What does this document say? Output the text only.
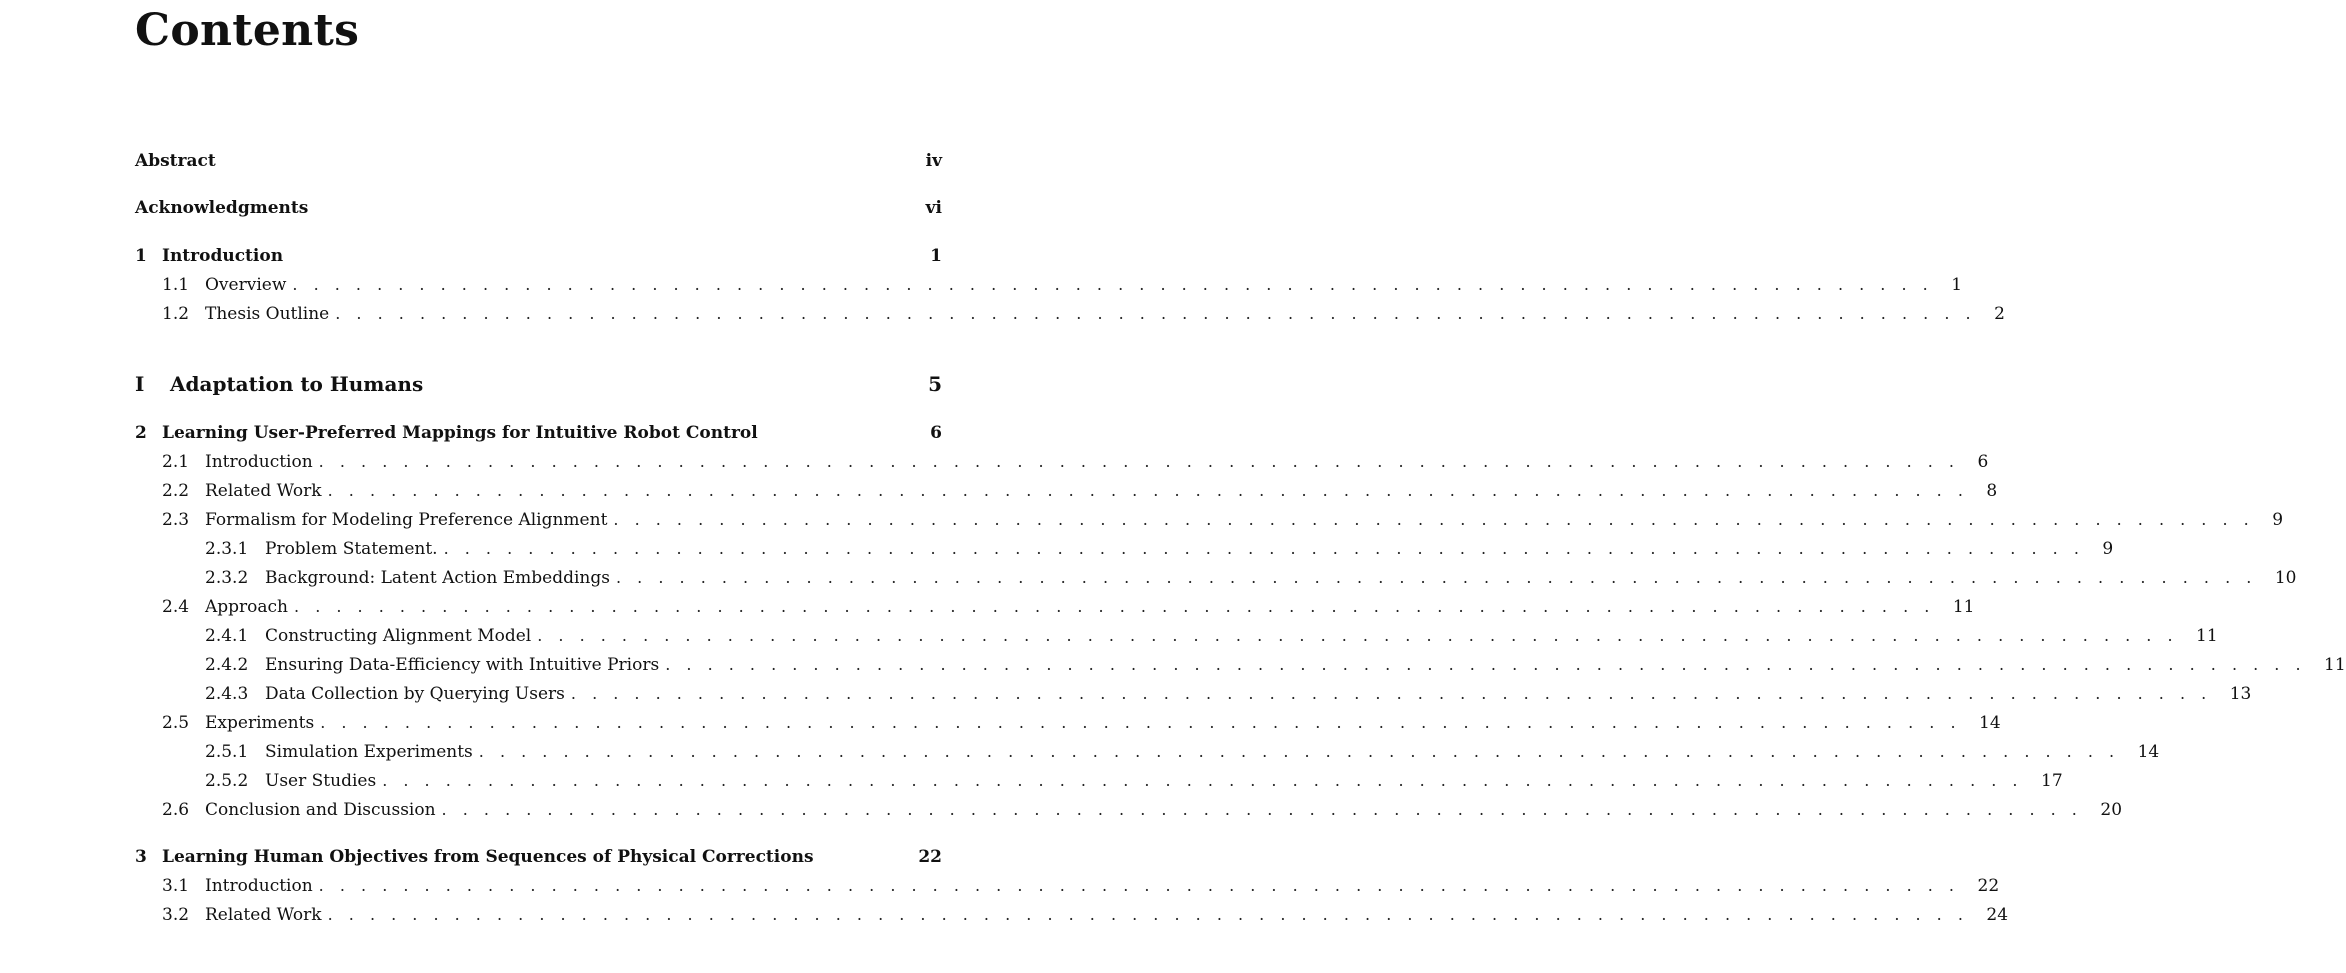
Contents
Abstract	iv
Acknowledgments	vi
1 Introduction	1
1.1 Overview . . . . . . . . . . . . . . . . . . . . . . . . . . . . . . . . . . . . . . . . . . . . . . . . . . . . . . . . . . . . . . . . . . . . . . . . . . . . . . 1
1.2 Thesis Outline . . . . . . . . . . . . . . . . . . . . . . . . . . . . . . . . . . . . . . . . . . . . . . . . . . . . . . . . . . . . . . . . . . . . . . . . . . . . . . 2
I	Adaptation to Humans	5
2 Learning User-Preferred Mappings for Intuitive Robot Control	6
2.1 Introduction . . . . . . . . . . . . . . . . . . . . . . . . . . . . . . . . . . . . . . . . . . . . . . . . . . . . . . . . . . . . . . . . . . . . . . . . . . . . . . 6
2.2 Related Work . . . . . . . . . . . . . . . . . . . . . . . . . . . . . . . . . . . . . . . . . . . . . . . . . . . . . . . . . . . . . . . . . . . . . . . . . . . . . . 8
2.3 Formalism for Modeling Preference Alignment . . . . . . . . . . . . . . . . . . . . . . . . . . . . . . . . . . . . . . . . . . . . . . . . . . . . . . . . . . . . . . . . . . . . . . . . . . . . . . 9
2.3.1 Problem Statement. . . . . . . . . . . . . . . . . . . . . . . . . . . . . . . . . . . . . . . . . . . . . . . . . . . . . . . . . . . . . . . . . . . . . . . . . . . . . . . 9
2.3.2 Background: Latent Action Embeddings . . . . . . . . . . . . . . . . . . . . . . . . . . . . . . . . . . . . . . . . . . . . . . . . . . . . . . . . . . . . . . . . . . . . . . . . . . . . . . 10
2.4 Approach . . . . . . . . . . . . . . . . . . . . . . . . . . . . . . . . . . . . . . . . . . . . . . . . . . . . . . . . . . . . . . . . . . . . . . . . . . . . . . 11
2.4.1 Constructing Alignment Model . . . . . . . . . . . . . . . . . . . . . . . . . . . . . . . . . . . . . . . . . . . . . . . . . . . . . . . . . . . . . . . . . . . . . . . . . . . . . . 11
2.4.2 Ensuring Data-Efficiency with Intuitive Priors . . . . . . . . . . . . . . . . . . . . . . . . . . . . . . . . . . . . . . . . . . . . . . . . . . . . . . . . . . . . . . . . . . . . . . . . . . . . . . 11
2.4.3 Data Collection by Querying Users . . . . . . . . . . . . . . . . . . . . . . . . . . . . . . . . . . . . . . . . . . . . . . . . . . . . . . . . . . . . . . . . . . . . . . . . . . . . . . 13
2.5 Experiments . . . . . . . . . . . . . . . . . . . . . . . . . . . . . . . . . . . . . . . . . . . . . . . . . . . . . . . . . . . . . . . . . . . . . . . . . . . . . . 14
2.5.1 Simulation Experiments . . . . . . . . . . . . . . . . . . . . . . . . . . . . . . . . . . . . . . . . . . . . . . . . . . . . . . . . . . . . . . . . . . . . . . . . . . . . . . 14
2.5.2 User Studies . . . . . . . . . . . . . . . . . . . . . . . . . . . . . . . . . . . . . . . . . . . . . . . . . . . . . . . . . . . . . . . . . . . . . . . . . . . . . . 17
2.6 Conclusion and Discussion . . . . . . . . . . . . . . . . . . . . . . . . . . . . . . . . . . . . . . . . . . . . . . . . . . . . . . . . . . . . . . . . . . . . . . . . . . . . . . 20
3 Learning Human Objectives from Sequences of Physical Corrections	22
3.1 Introduction . . . . . . . . . . . . . . . . . . . . . . . . . . . . . . . . . . . . . . . . . . . . . . . . . . . . . . . . . . . . . . . . . . . . . . . . . . . . . . 22
3.2 Related Work . . . . . . . . . . . . . . . . . . . . . . . . . . . . . . . . . . . . . . . . . . . . . . . . . . . . . . . . . . . . . . . . . . . . . . . . . . . . . . 24
